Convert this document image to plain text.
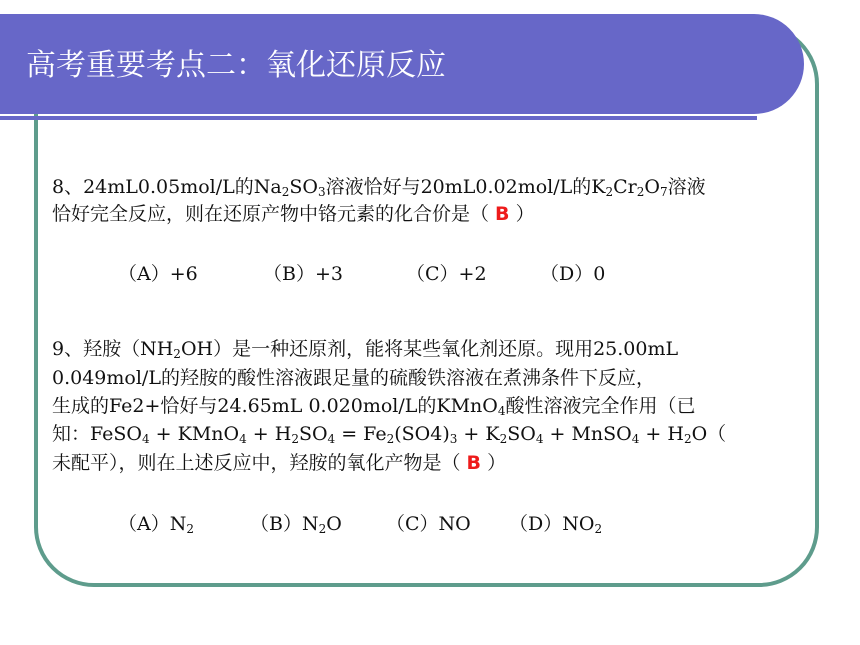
高考重要考点二：氧化还原反应
8、24mL0.05mol/L的$Na_2SO_3$溶液恰好与20mL0.02mol/L的$K_2Cr_2O_7$溶液
恰好完全反应，则在还原产物中铬元素的化合价是（ B ）
（A）+6	（B）+3	（C）+2	（D）0
9、羟胺$(NH_2OH)$是一种还原剂，能将某些氧化剂还原。现用25.00mL
0.049mol/L的羟胺的酸性溶液跟足量的硫酸铁溶液在煮沸条件下反应，
生成的Fe2+恰好与24.65mL 0.020mol/L的KMnO$_4$酸性溶液完全作用（已
知：FeSO$_4$ + KMnO$_4$ + $H_2SO_4 = Fe_2(SO4)_3 + K_2SO_4$ + MnSO$_4$ + $H_2O$（
未配平），则在上述反应中，羟胺的氧化产物是（ B ）
$(A)N_2$	$(B)N_2O$ （C）NO $(D)NO_2$
